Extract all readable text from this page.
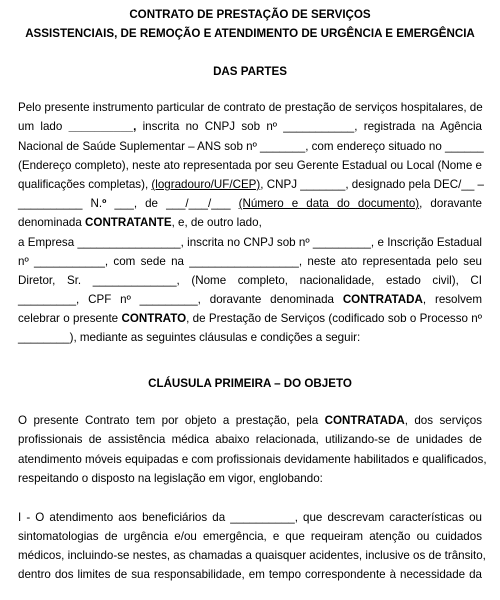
CONTRATO DE PRESTAÇÃO DE SERVIÇOS
ASSISTENCIAIS, DE REMOÇÃO E ATENDIMENTO DE URGÊNCIA E EMERGÊNCIA
DAS PARTES
Pelo presente instrumento particular de contrato de prestação de serviços hospitalares, de
um lado __________, inscrita no CNPJ sob nº ___________, registrada na Agência
Nacional de Saúde Suplementar – ANS sob nº _______, com endereço situado no ______
(Endereço completo), neste ato representada por seu Gerente Estadual ou Local (Nome e
qualificações completas), (logradouro/UF/CEP), CNPJ _______, designado pela DEC/__ –
__________ N.º ___, de ___/___/___ (Número e data do documento), doravante
denominada CONTRATANTE, e, de outro lado,
a Empresa ________________, inscrita no CNPJ sob nº _________, e Inscrição Estadual
nº ___________, com sede na _________________, neste ato representada pelo seu
Diretor, Sr. _____________, (Nome completo, nacionalidade, estado civil), CI
_________, CPF nº _________, doravante denominada CONTRATADA, resolvem
celebrar o presente CONTRATO, de Prestação de Serviços (codificado sob o Processo nº
________), mediante as seguintes cláusulas e condições a seguir:
CLÁUSULA PRIMEIRA – DO OBJETO
O presente Contrato tem por objeto a prestação, pela CONTRATADA, dos serviços
profissionais de assistência médica abaixo relacionada, utilizando-se de unidades de
atendimento móveis equipadas e com profissionais devidamente habilitados e qualificados,
respeitando o disposto na legislação em vigor, englobando:
I - O atendimento aos beneficiários da __________, que descrevam características ou
sintomatologias de urgência e/ou emergência, e que requeiram atenção ou cuidados
médicos, incluindo-se nestes, as chamadas a quaisquer acidentes, inclusive os de trânsito,
dentro dos limites de sua responsabilidade, em tempo correspondente à necessidade da
